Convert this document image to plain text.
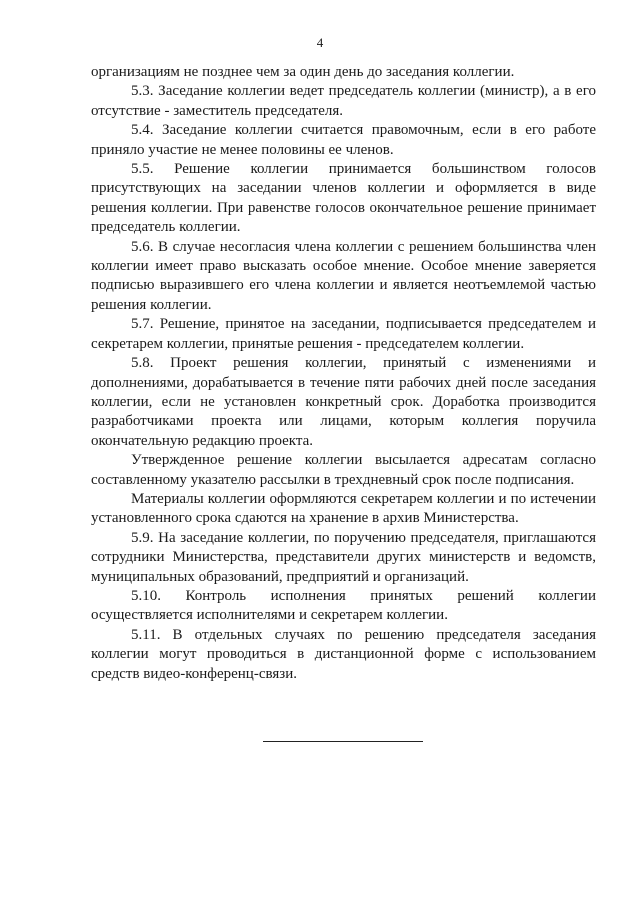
4

организациям не позднее чем за один день до заседания коллегии.

5.3. Заседание коллегии ведет председатель коллегии (министр), а в его отсутствие - заместитель председателя.

5.4. Заседание коллегии считается правомочным, если в его работе приняло участие не менее половины ее членов.

5.5. Решение коллегии принимается большинством голосов присутствующих на заседании членов коллегии и оформляется в виде решения коллегии. При равенстве голосов окончательное решение принимает председатель коллегии.

5.6. В случае несогласия члена коллегии с решением большинства член коллегии имеет право высказать особое мнение. Особое мнение заверяется подписью выразившего его члена коллегии и является неотъемлемой частью решения коллегии.

5.7. Решение, принятое на заседании, подписывается председателем и секретарем коллегии, принятые решения - председателем коллегии.

5.8. Проект решения коллегии, принятый с изменениями и дополнениями, дорабатывается в течение пяти рабочих дней после заседания коллегии, если не установлен конкретный срок. Доработка производится разработчиками проекта или лицами, которым коллегия поручила окончательную редакцию проекта.

Утвержденное решение коллегии высылается адресатам согласно составленному указателю рассылки в трехдневный срок после подписания.

Материалы коллегии оформляются секретарем коллегии и по истечении установленного срока сдаются на хранение в архив Министерства.

5.9. На заседание коллегии, по поручению председателя, приглашаются сотрудники Министерства, представители других министерств и ведомств, муниципальных образований, предприятий и организаций.

5.10. Контроль исполнения принятых решений коллегии осуществляется исполнителями и секретарем коллегии.

5.11. В отдельных случаях по решению председателя заседания коллегии могут проводиться в дистанционной форме с использованием средств видео-конференц-связи.
